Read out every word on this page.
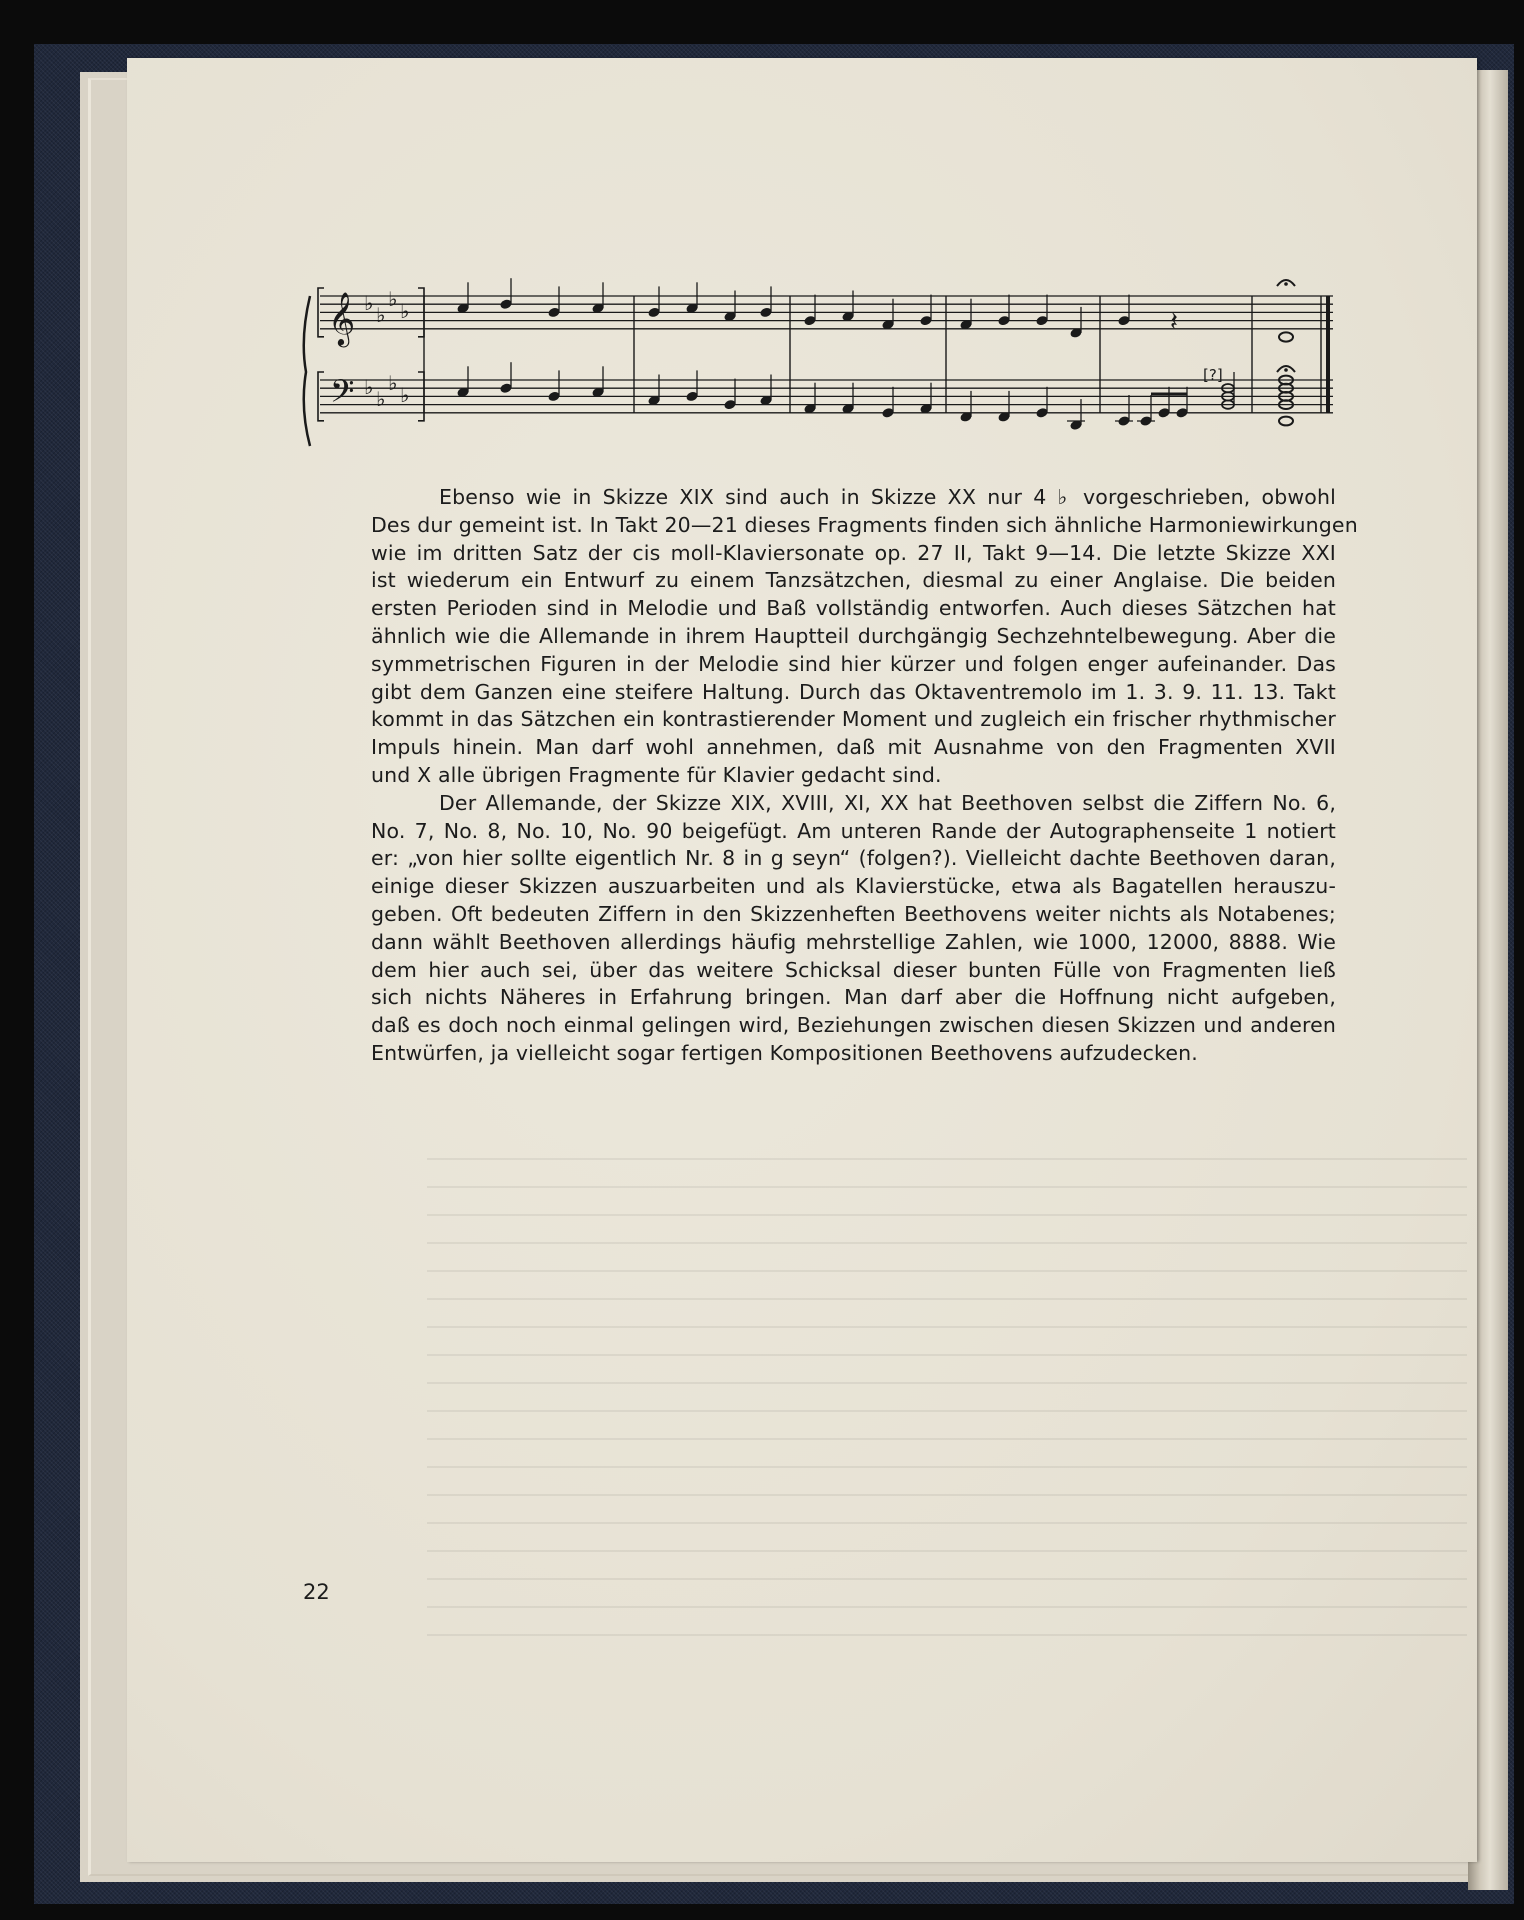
𝄞
𝄢
♭
♭
♭
♭
♭
♭
♭
♭
𝄽
[?]
Ebenso wie in Skizze XIX sind auch in Skizze XX nur 4 ♭ vorgeschrieben, obwohl
Des dur gemeint ist. In Takt 20—21 dieses Fragments finden sich ähnliche Harmoniewirkungen
wie im dritten Satz der cis moll-Klaviersonate op. 27 II, Takt 9—14. Die letzte Skizze XXI
ist wiederum ein Entwurf zu einem Tanzsätzchen, diesmal zu einer Anglaise. Die beiden
ersten Perioden sind in Melodie und Baß vollständig entworfen. Auch dieses Sätzchen hat
ähnlich wie die Allemande in ihrem Hauptteil durchgängig Sechzehntelbewegung. Aber die
symmetrischen Figuren in der Melodie sind hier kürzer und folgen enger aufeinander. Das
gibt dem Ganzen eine steifere Haltung. Durch das Oktaventremolo im 1. 3. 9. 11. 13. Takt
kommt in das Sätzchen ein kontrastierender Moment und zugleich ein frischer rhythmischer
Impuls hinein. Man darf wohl annehmen, daß mit Ausnahme von den Fragmenten XVII
und X alle übrigen Fragmente für Klavier gedacht sind.
Der Allemande, der Skizze XIX, XVIII, XI, XX hat Beethoven selbst die Ziffern No. 6,
No. 7, No. 8, No. 10, No. 90 beigefügt. Am unteren Rande der Autographenseite 1 notiert
er: „von hier sollte eigentlich Nr. 8 in g seyn“ (folgen?). Vielleicht dachte Beethoven daran,
einige dieser Skizzen auszuarbeiten und als Klavierstücke, etwa als Bagatellen herauszu-
geben. Oft bedeuten Ziffern in den Skizzenheften Beethovens weiter nichts als Notabenes;
dann wählt Beethoven allerdings häufig mehrstellige Zahlen, wie 1000, 12000, 8888. Wie
dem hier auch sei, über das weitere Schicksal dieser bunten Fülle von Fragmenten ließ
sich nichts Näheres in Erfahrung bringen. Man darf aber die Hoffnung nicht aufgeben,
daß es doch noch einmal gelingen wird, Beziehungen zwischen diesen Skizzen und anderen
Entwürfen, ja vielleicht sogar fertigen Kompositionen Beethovens aufzudecken.
22
